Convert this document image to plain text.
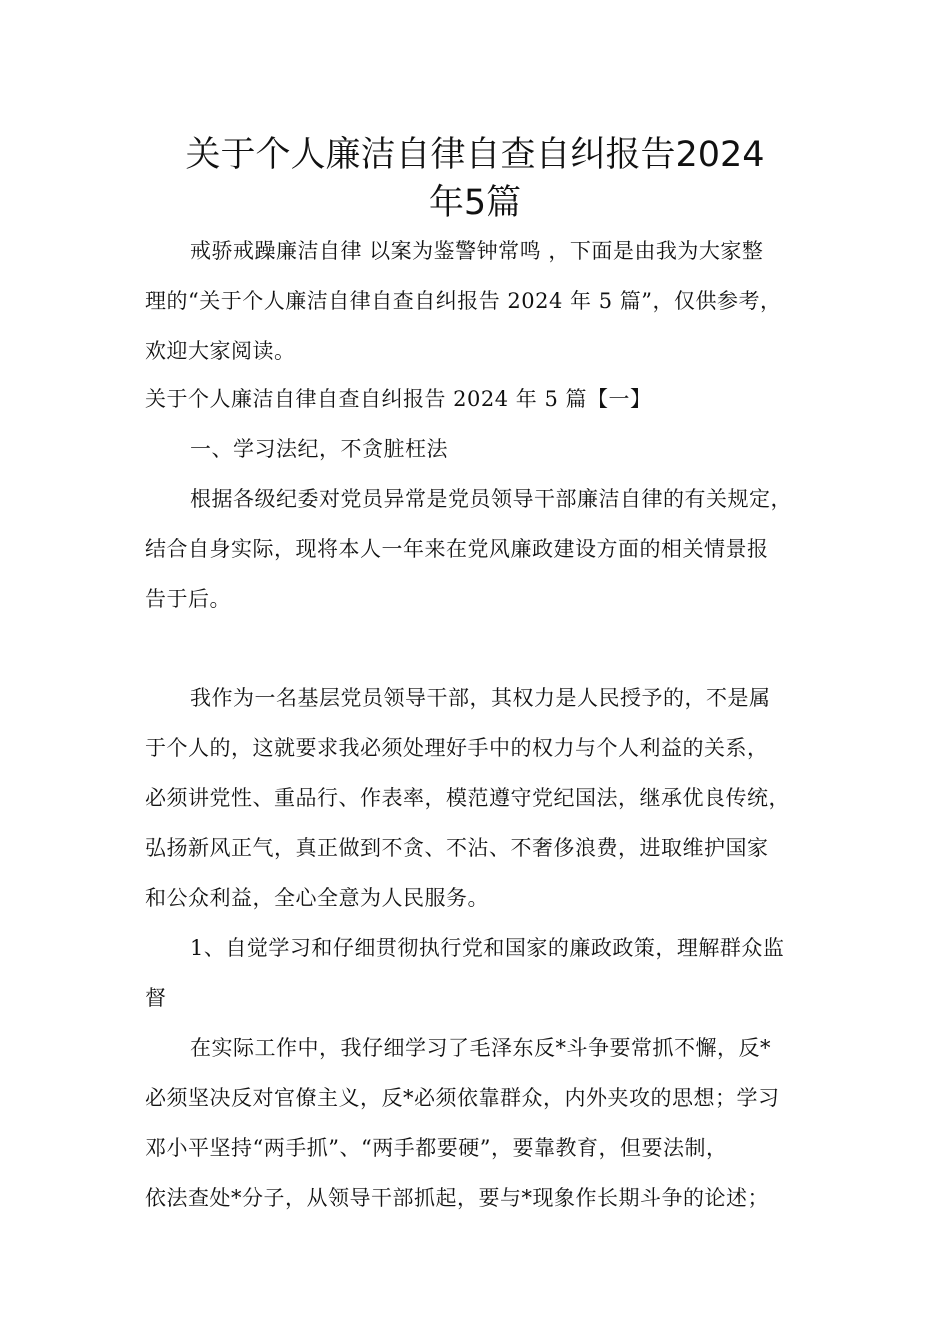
关于个人廉洁自律自查自纠报告2024
年5篇
戒骄戒躁廉洁自律 以案为鉴警钟常鸣 ，下面是由我为大家整
理的“关于个人廉洁自律自查自纠报告 2024 年 5 篇”，仅供参考，
欢迎大家阅读。
关于个人廉洁自律自查自纠报告 2024 年 5 篇【一】
一、学习法纪，不贪脏枉法
根据各级纪委对党员异常是党员领导干部廉洁自律的有关规定，
结合自身实际，现将本人一年来在党风廉政建设方面的相关情景报
告于后。
我作为一名基层党员领导干部，其权力是人民授予的，不是属
于个人的，这就要求我必须处理好手中的权力与个人利益的关系，
必须讲党性、重品行、作表率，模范遵守党纪国法，继承优良传统，
弘扬新风正气，真正做到不贪、不沾、不奢侈浪费，进取维护国家
和公众利益，全心全意为人民服务。
1、自觉学习和仔细贯彻执行党和国家的廉政政策，理解群众监
督
在实际工作中，我仔细学习了毛泽东反*斗争要常抓不懈，反*
必须坚决反对官僚主义，反*必须依靠群众，内外夹攻的思想；学习
邓小平坚持“两手抓”、“两手都要硬”，要靠教育，但要法制，
依法查处*分子，从领导干部抓起，要与*现象作长期斗争的论述；
